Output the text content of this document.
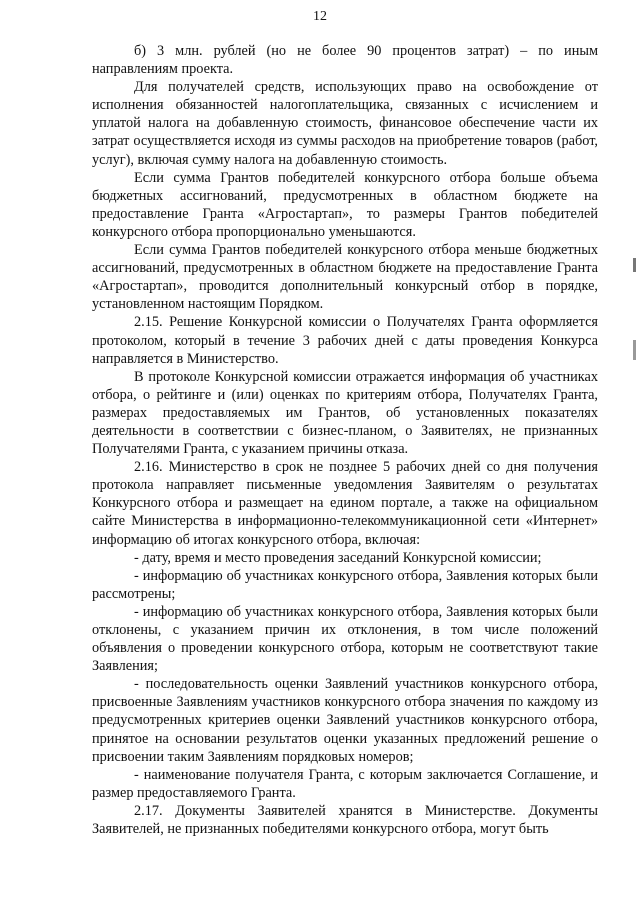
12

б) 3 млн. рублей (но не более 90 процентов затрат) – по иным направлениям проекта.

Для получателей средств, использующих право на освобождение от исполнения обязанностей налогоплательщика, связанных с исчислением и уплатой налога на добавленную стоимость, финансовое обеспечение части их затрат осуществляется исходя из суммы расходов на приобретение товаров (работ, услуг), включая сумму налога на добавленную стоимость.

Если сумма Грантов победителей конкурсного отбора больше объема бюджетных ассигнований, предусмотренных в областном бюджете на предоставление Гранта «Агростартап», то размеры Грантов победителей конкурсного отбора пропорционально уменьшаются.

Если сумма Грантов победителей конкурсного отбора меньше бюджетных ассигнований, предусмотренных в областном бюджете на предоставление Гранта «Агростартап», проводится дополнительный конкурсный отбор в порядке, установленном настоящим Порядком.

2.15. Решение Конкурсной комиссии о Получателях Гранта оформляется протоколом, который в течение 3 рабочих дней с даты проведения Конкурса направляется в Министерство.

В протоколе Конкурсной комиссии отражается информация об участниках отбора, о рейтинге и (или) оценках по критериям отбора, Получателях Гранта, размерах предоставляемых им Грантов, об установленных показателях деятельности в соответствии с бизнес-планом, о Заявителях, не признанных Получателями Гранта, с указанием причины отказа.

2.16. Министерство в срок не позднее 5 рабочих дней со дня получения протокола направляет письменные уведомления Заявителям о результатах Конкурсного отбора и размещает на едином портале, а также на официальном сайте Министерства в информационно-телекоммуникационной сети «Интернет» информацию об итогах конкурсного отбора, включая:

- дату, время и место проведения заседаний Конкурсной комиссии;

- информацию об участниках конкурсного отбора, Заявления которых были рассмотрены;

- информацию об участниках конкурсного отбора, Заявления которых были отклонены, с указанием причин их отклонения, в том числе положений объявления о проведении конкурсного отбора, которым не соответствуют такие Заявления;

- последовательность оценки Заявлений участников конкурсного отбора, присвоенные Заявлениям участников конкурсного отбора значения по каждому из предусмотренных критериев оценки Заявлений участников конкурсного отбора, принятое на основании результатов оценки указанных предложений решение о присвоении таким Заявлениям порядковых номеров;

- наименование получателя Гранта, с которым заключается Соглашение, и размер предоставляемого Гранта.

2.17. Документы Заявителей хранятся в Министерстве. Документы Заявителей, не признанных победителями конкурсного отбора, могут быть
